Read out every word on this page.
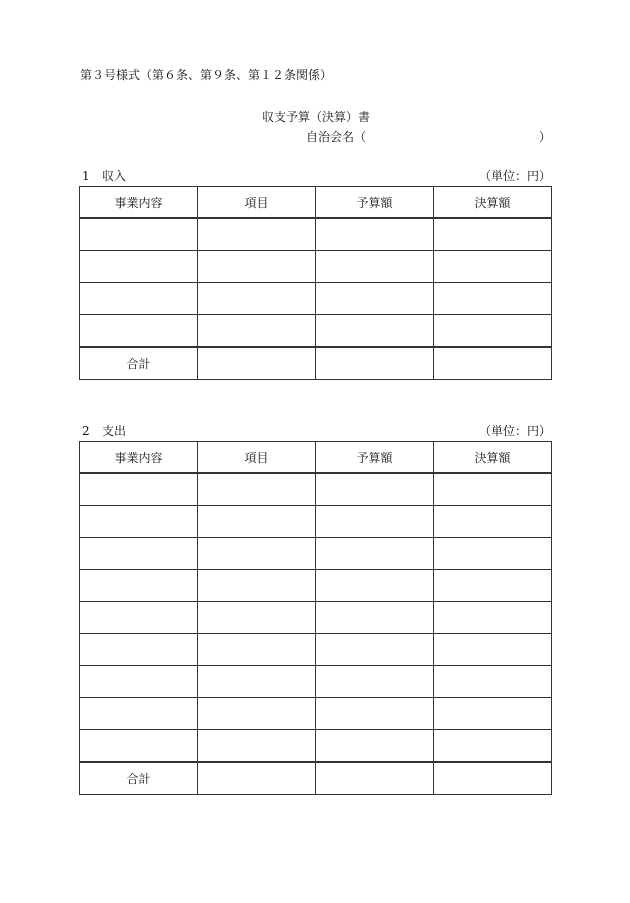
第３号様式（第６条、第９条、第１２条関係）
収支予算（決算）書
自治会名（	）
1 収入	（単位：円）
事業内容	項目	予算額	決算額

合計			
2 支出	（単位：円）
事業内容	項目	予算額	決算額

合計			
